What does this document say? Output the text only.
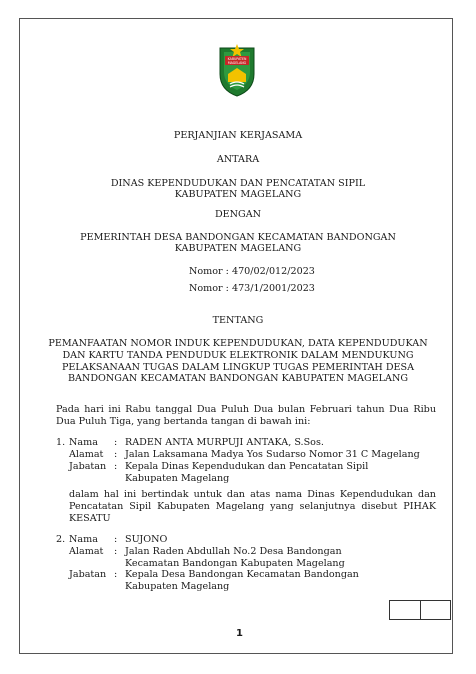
KABUPATEN
MAGELANG
PERJANJIAN KERJASAMA
ANTARA
DINAS KEPENDUDUKAN DAN PENCATATAN SIPIL
KABUPATEN MAGELANG
DENGAN
PEMERINTAH DESA BANDONGAN KECAMATAN BANDONGAN
KABUPATEN MAGELANG
Nomor : 470/02/012/2023
Nomor : 473/1/2001/2023
TENTANG
PEMANFAATAN NOMOR INDUK KEPENDUDUKAN, DATA KEPENDUDUKAN
DAN KARTU TANDA PENDUDUK ELEKTRONIK DALAM MENDUKUNG
PELAKSANAAN TUGAS DALAM LINGKUP TUGAS PEMERINTAH DESA
BANDONGAN KECAMATAN BANDONGAN KABUPATEN MAGELANG
Pada hari ini Rabu tanggal Dua Puluh Dua bulan Februari tahun Dua Ribu Dua Puluh Tiga, yang bertanda tangan di bawah ini:
1. Nama : RADEN ANTA MURPUJI ANTAKA, S.Sos.
Alamat : Jalan Laksamana Madya Yos Sudarso Nomor 31 C Magelang
Jabatan : Kepala Dinas Kependudukan dan Pencatatan Sipil
Kabupaten Magelang
dalam hal ini bertindak untuk dan atas nama Dinas Kependudukan dan Pencatatan Sipil Kabupaten Magelang yang selanjutnya disebut PIHAK KESATU
2. Nama : SUJONO
Alamat : Jalan Raden Abdullah No.2 Desa Bandongan
Kecamatan Bandongan Kabupaten Magelang
Jabatan : Kepala Desa Bandongan Kecamatan Bandongan
Kabupaten Magelang
1
